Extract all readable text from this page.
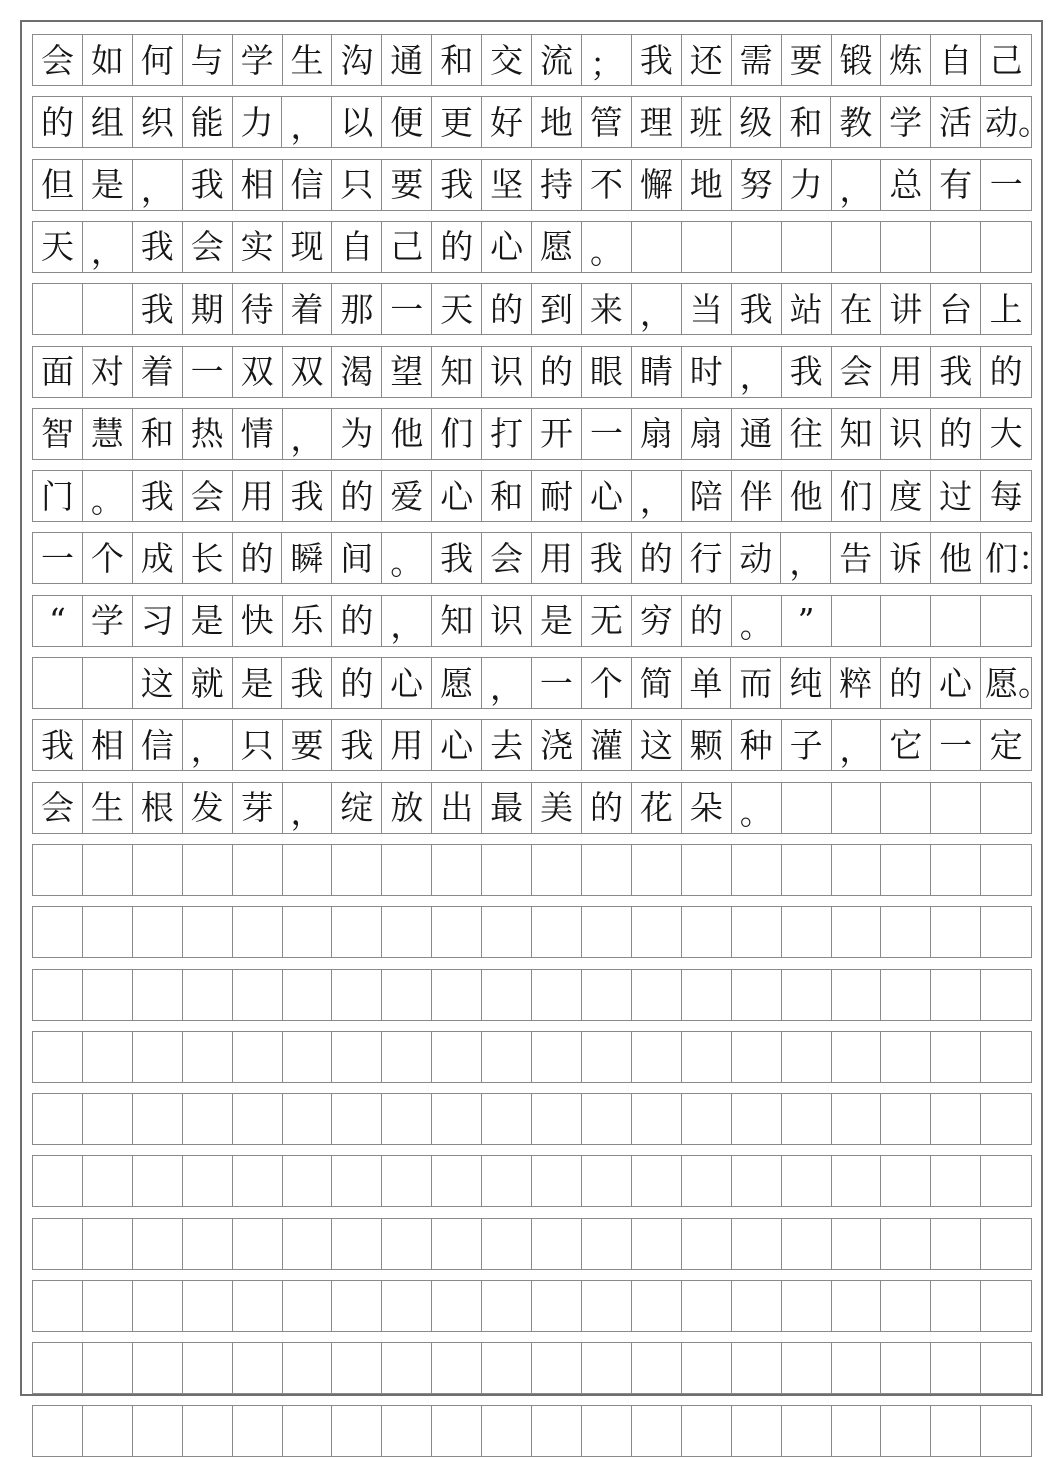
会 如 何 与 学 生 沟 通 和 交 流 ； 我 还 需 要 锻 炼 自 己
的 组 织 能 力 ， 以 便 更 好 地 管 理 班 级 和 教 学 活 动。
但 是 ， 我 相 信 只 要 我 坚 持 不 懈 地 努 力 ， 总 有 一
天 ， 我 会 实 现 自 己 的 心 愿 。
我 期 待 着 那 一 天 的 到 来 ， 当 我 站 在 讲 台 上
面 对 着 一 双 双 渴 望 知 识 的 眼 睛 时 ， 我 会 用 我 的
智 慧 和 热 情 ， 为 他 们 打 开 一 扇 扇 通 往 知 识 的 大
门 。 我 会 用 我 的 爱 心 和 耐 心 ， 陪 伴 他 们 度 过 每
一 个 成 长 的 瞬 间 。 我 会 用 我 的 行 动 ， 告 诉 他 们：
“ 学 习 是 快 乐 的 ， 知 识 是 无 穷 的 。 ”
这 就 是 我 的 心 愿 ， 一 个 简 单 而 纯 粹 的 心 愿。
我 相 信 ， 只 要 我 用 心 去 浇 灌 这 颗 种 子 ， 它 一 定
会 生 根 发 芽 ， 绽 放 出 最 美 的 花 朵 。
